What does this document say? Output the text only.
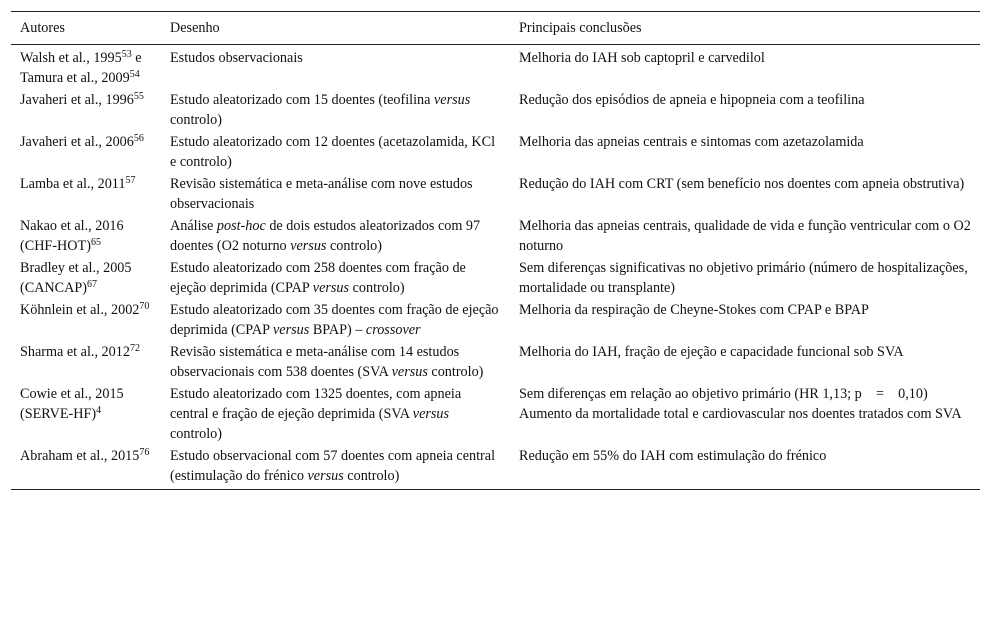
Autores	Desenho	Principais conclusões
Walsh et al., 1995$^{53}$ e Tamura et al., 2009$^{54}$	Estudos observacionais	Melhoria do IAH sob captopril e carvedilol
Javaheri et al., 1996$^{55}$	Estudo aleatorizado com 15 doentes (teofilina versus controlo)	Redução dos episódios de apneia e hipopneia com a teofilina
Javaheri et al., 2006$^{56}$	Estudo aleatorizado com 12 doentes (acetazolamida, KCl e controlo)	Melhoria das apneias centrais e sintomas com azetazolamida
Lamba et al., 2011$^{57}$	Revisão sistemática e meta-análise com nove estudos observacionais	Redução do IAH com CRT (sem benefício nos doentes com apneia obstrutiva)
Nakao et al., 2016 $(CHF-HOT)^{65}$	Análise post-hoc de dois estudos aleatorizados com 97 doentes (O2 noturno versus controlo)	Melhoria das apneias centrais, qualidade de vida e função ventricular com o O2 noturno
Bradley et al., 2005 (CANCAP)$^{67}$	Estudo aleatorizado com 258 doentes com fração de ejeção deprimida (CPAP versus controlo)	Sem diferenças significativas no objetivo primário (número de hospitalizações, mortalidade ou transplante)
Köhnlein et al., 2002$^{70}$	Estudo aleatorizado com 35 doentes com fração de ejeção deprimida (CPAP versus BPAP) – crossover	Melhoria da respiração de Cheyne-Stokes com CPAP e BPAP
Sharma et al., 2012$^{72}$	Revisão sistemática e meta-análise com 14 estudos observacionais com 538 doentes (SVA versus controlo)	Melhoria do IAH, fração de ejeção e capacidade funcional sob SVA
Cowie et al., 2015 (SERVE-HF)$^4$	Estudo aleatorizado com 1325 doentes, com apneia central e fração de ejeção deprimida (SVA versus controlo)	Sem diferenças em relação ao objetivo primário (HR 1,13; p = 0,10) Aumento da mortalidade total e cardiovascular nos doentes tratados com SVA
Abraham et al., 2015$^{76}$	Estudo observacional com 57 doentes com apneia central (estimulação do frénico versus controlo)	Redução em 55% do IAH com estimulação do frénico
